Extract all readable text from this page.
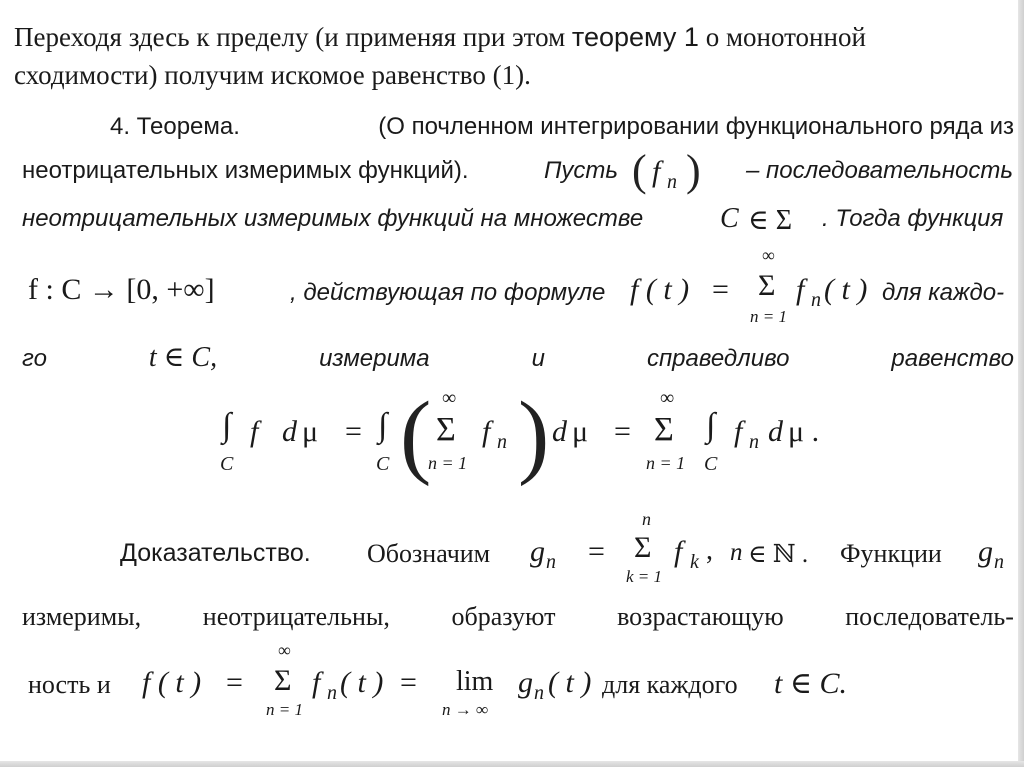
Переходя здесь к пределу (и применяя при этом теорему 1 о монотонной
сходимости) получим искомое равенство (1).
4. Теорема.	(О почленном интегрировании функционального ряда из
неотрицательных измеримых функций).	Пусть ( f n ) – последовательность
неотрицательных измеримых функций на множестве	C ∈ Σ . Тогда функция
f : C → [0, +∞]	, действующая по формуле f ( t ) =
∞
Σ
n = 1
f n ( t ) для каждо-
го	t ∈ C,	измерима	и	справедливо	равенство
∫
C
f d μ = ∫
C ( ∞
Σ
n = 1
f n ) d μ =
∞
Σ
n = 1
∫
C
f n d μ .
Доказательство. Обозначим g n =
n
Σ
k = 1
f k , n ∈ ℕ . Функции g n
измеримы, неотрицательны, образуют возрастающую последователь-
ность и f ( t ) =
∞
Σ
n = 1
f n ( t ) = lim
n → ∞
g n ( t ) для каждого t ∈ C.
